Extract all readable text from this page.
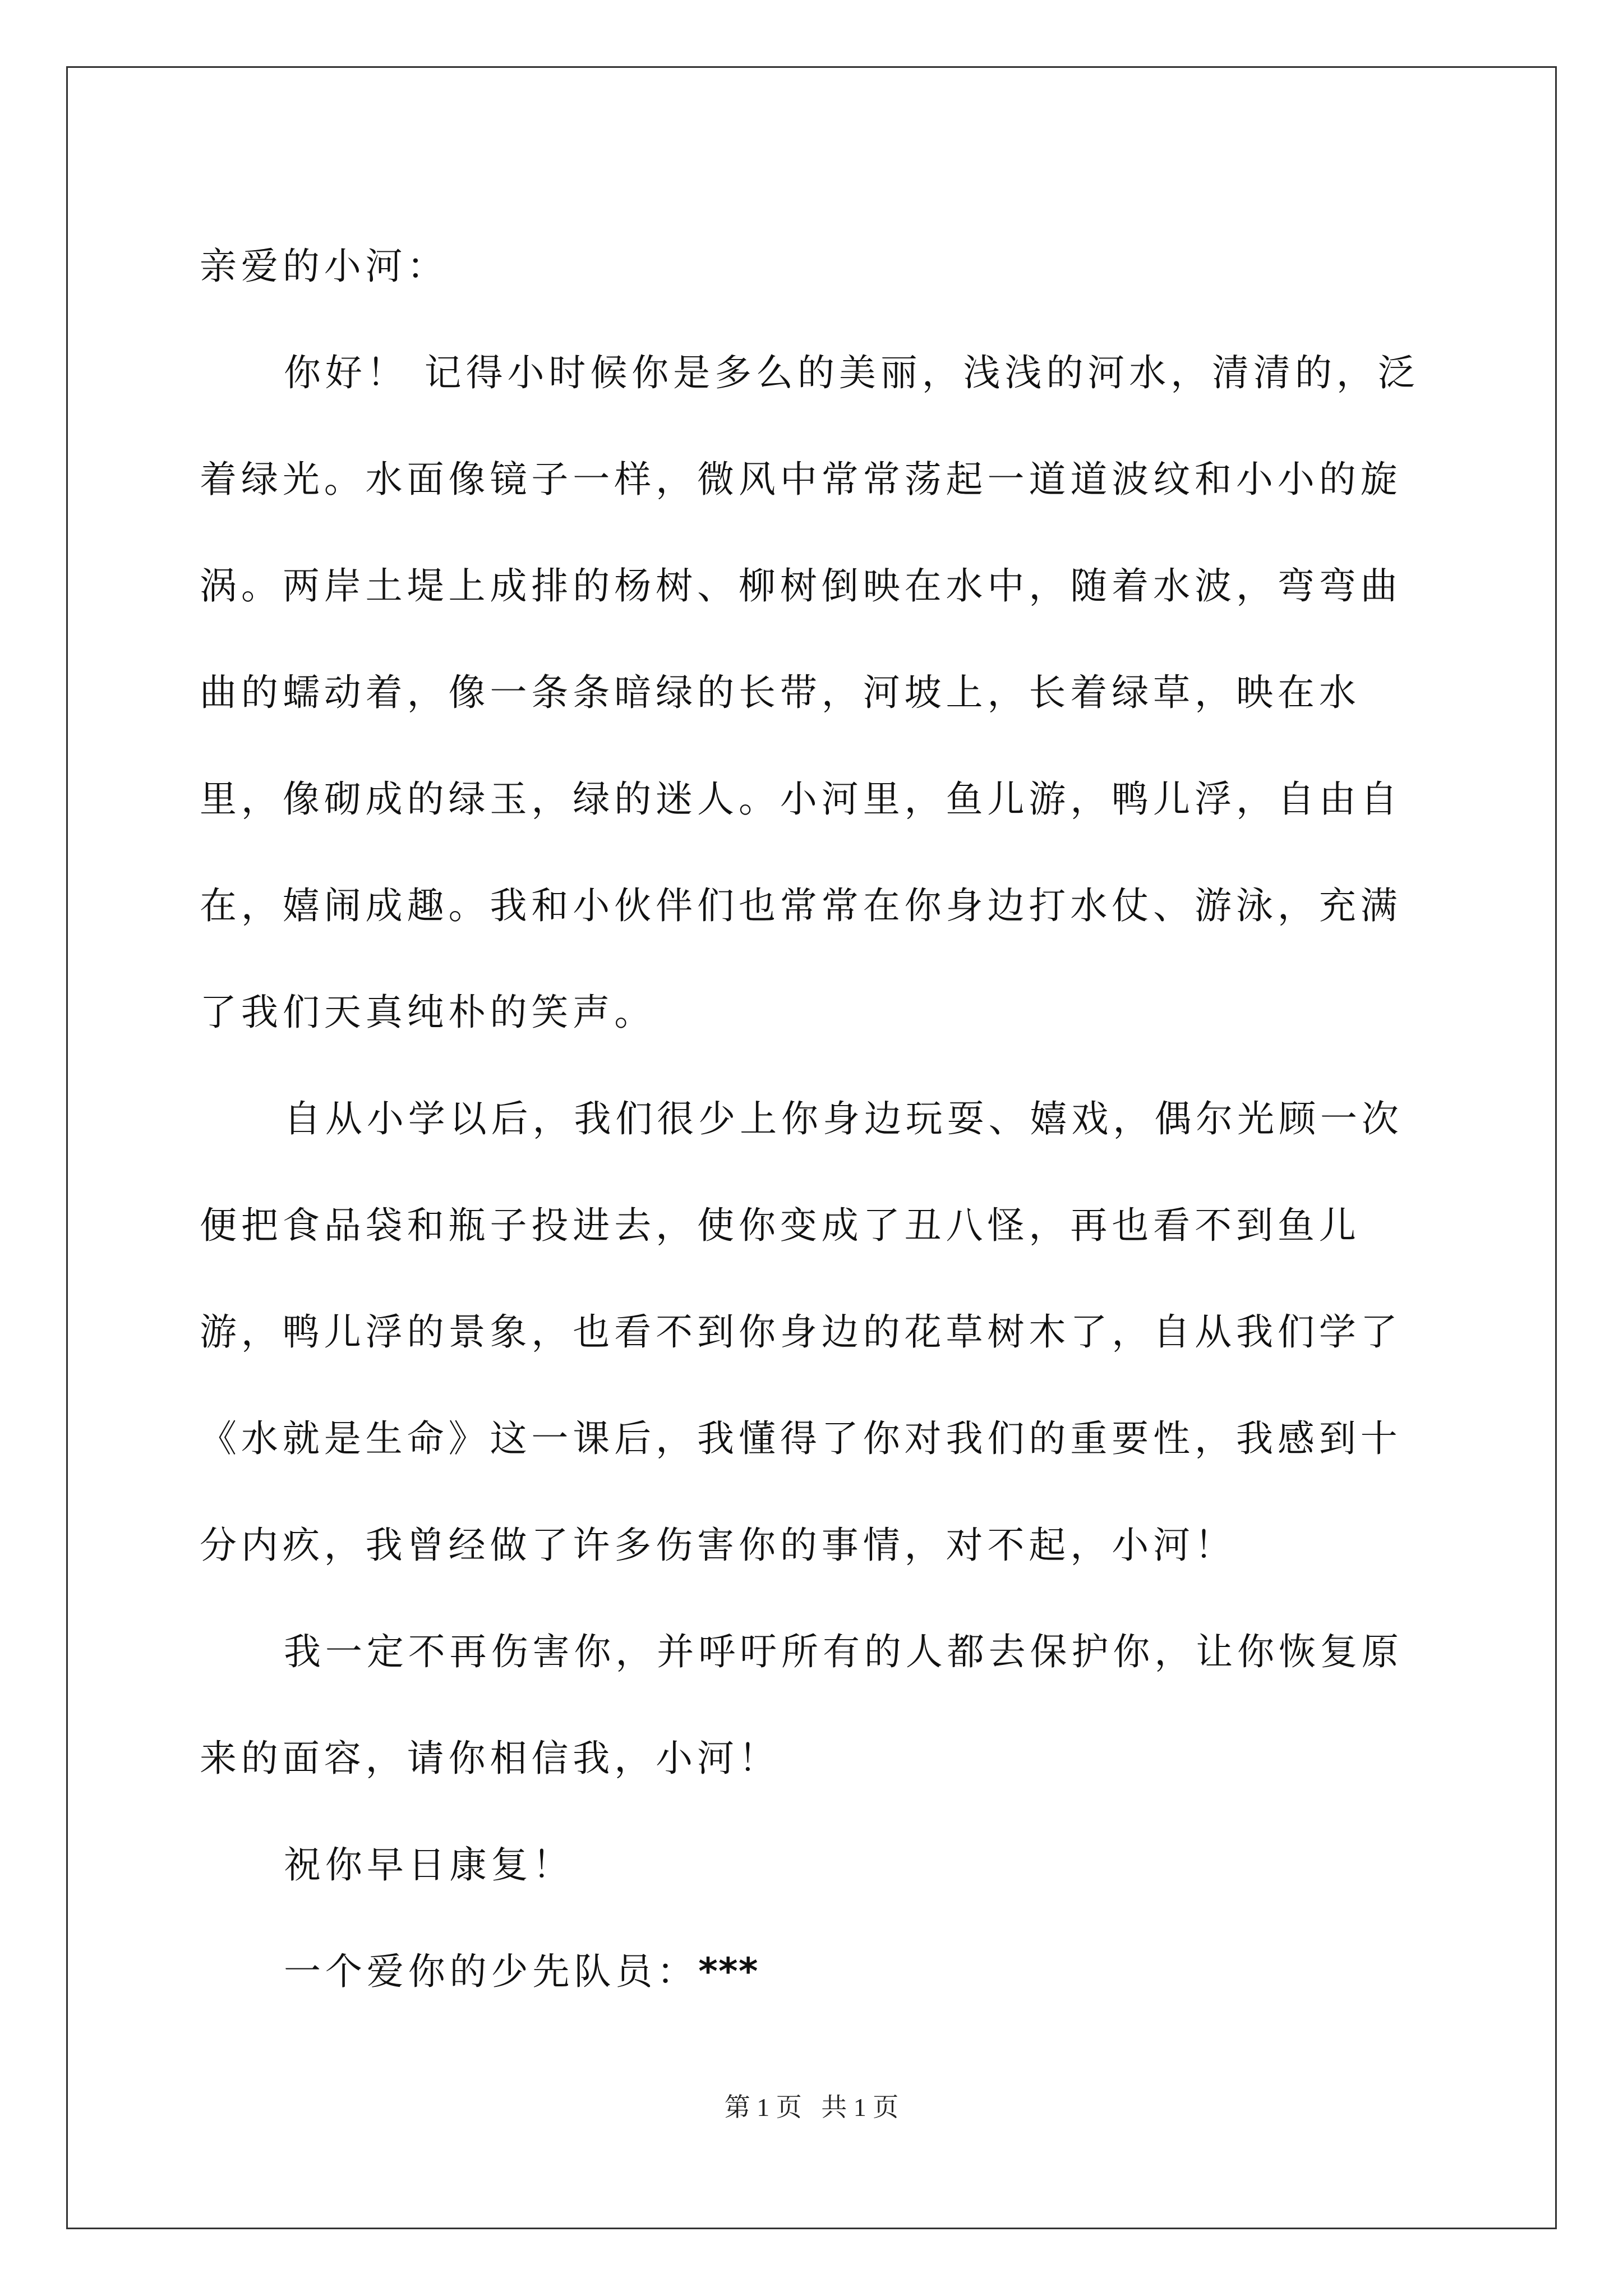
亲爱的小河：

你好！ 记得小时候你是多么的美丽，浅浅的河水，清清的，泛着绿光。水面像镜子一样，微风中常常荡起一道道波纹和小小的旋涡。两岸土堤上成排的杨树、柳树倒映在水中，随着水波，弯弯曲曲的蠕动着，像一条条暗绿的长带，河坡上，长着绿草，映在水里，像砌成的绿玉，绿的迷人。小河里，鱼儿游，鸭儿浮，自由自在，嬉闹成趣。我和小伙伴们也常常在你身边打水仗、游泳，充满了我们天真纯朴的笑声。

自从小学以后，我们很少上你身边玩耍、嬉戏，偶尔光顾一次便把食品袋和瓶子投进去，使你变成了丑八怪，再也看不到鱼儿游，鸭儿浮的景象，也看不到你身边的花草树木了，自从我们学了《水就是生命》这一课后，我懂得了你对我们的重要性，我感到十分内疚，我曾经做了许多伤害你的事情，对不起，小河！

我一定不再伤害你，并呼吁所有的人都去保护你，让你恢复原来的面容，请你相信我，小河！

祝你早日康复！

一个爱你的少先队员：***

第 1 页 共 1 页
